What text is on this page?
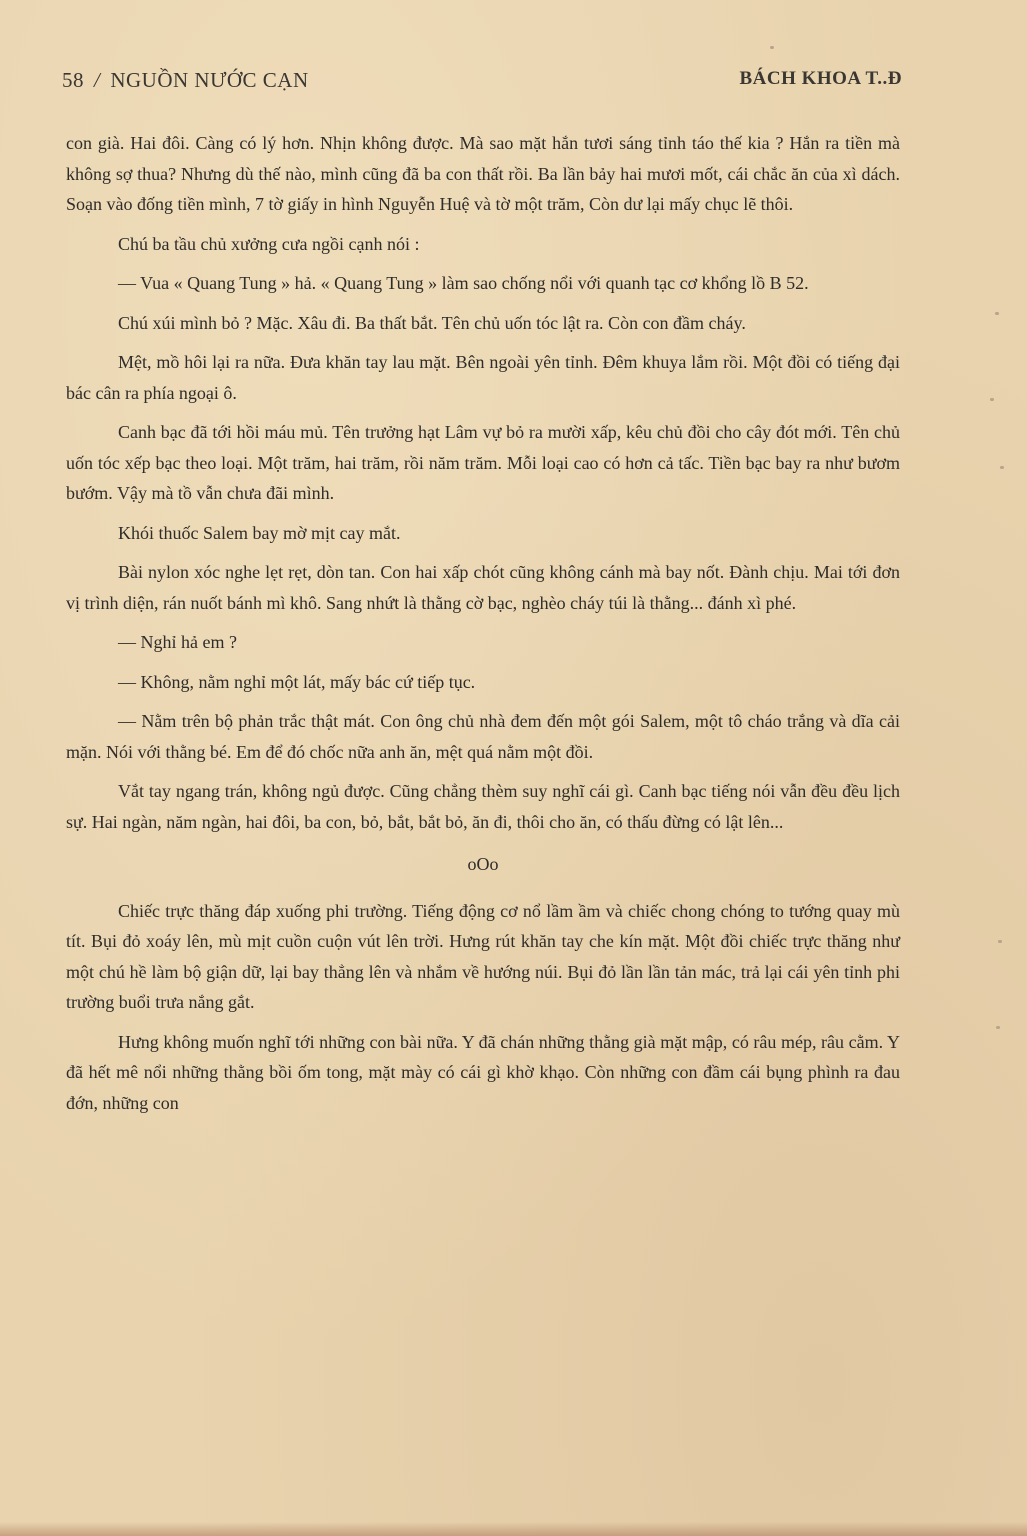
58 / NGUỒN NƯỚC CẠN	BÁCH KHOA T..Đ

con già. Hai đôi. Càng có lý hơn. Nhịn không được. Mà sao mặt hắn tươi sáng tỉnh táo thế kia ? Hắn ra tiền mà không sợ thua? Nhưng dù thế nào, mình cũng đã ba con thất rồi. Ba lần bảy hai mươi mốt, cái chắc ăn của xì dách. Soạn vào đống tiền mình, 7 tờ giấy in hình Nguyễn Huệ và tờ một trăm, Còn dư lại mấy chục lẽ thôi.

Chú ba tầu chủ xưởng cưa ngồi cạnh nói :

— Vua « Quang Tung » hả. « Quang Tung » làm sao chống nổi với quanh tạc cơ khổng lồ B 52.

Chú xúi mình bỏ ? Mặc. Xâu đi. Ba thất bắt. Tên chủ uốn tóc lật ra. Còn con đầm cháy.

Mệt, mồ hôi lại ra nữa. Đưa khăn tay lau mặt. Bên ngoài yên tỉnh. Đêm khuya lắm rồi. Một đồi có tiếng đại bác cân ra phía ngoại ô.

Canh bạc đã tới hồi máu mủ. Tên trưởng hạt Lâm vự bỏ ra mười xấp, kêu chủ đồi cho cây đót mới. Tên chủ uốn tóc xếp bạc theo loại. Một trăm, hai trăm, rồi năm trăm. Mỗi loại cao có hơn cả tấc. Tiền bạc bay ra như bươm bướm. Vậy mà tồ vẫn chưa đãi mình.

Khói thuốc Salem bay mờ mịt cay mắt.

Bài nylon xóc nghe lẹt rẹt, dòn tan. Con hai xấp chót cũng không cánh mà bay nốt. Đành chịu. Mai tới đơn vị trình diện, rán nuốt bánh mì khô. Sang nhứt là thằng cờ bạc, nghèo cháy túi là thằng... đánh xì phé.

— Nghỉ hả em ?

— Không, nằm nghỉ một lát, mấy bác cứ tiếp tục.

— Nằm trên bộ phản trắc thật mát. Con ông chủ nhà đem đến một gói Salem, một tô cháo trắng và dĩa cải mặn. Nói với thằng bé. Em để đó chốc nữa anh ăn, mệt quá nằm một đồi.

Vắt tay ngang trán, không ngủ được. Cũng chẳng thèm suy nghĩ cái gì. Canh bạc tiếng nói vẫn đều đều lịch sự. Hai ngàn, năm ngàn, hai đôi, ba con, bỏ, bắt, bắt bỏ, ăn đi, thôi cho ăn, có thấu đừng có lật lên...

oOo

Chiếc trực thăng đáp xuống phi trường. Tiếng động cơ nổ lầm ầm và chiếc chong chóng to tướng quay mù tít. Bụi đỏ xoáy lên, mù mịt cuồn cuộn vút lên trời. Hưng rút khăn tay che kín mặt. Một đồi chiếc trực thăng như một chú hề làm bộ giận dữ, lại bay thẳng lên và nhắm về hướng núi. Bụi đỏ lần lần tản mác, trả lại cái yên tỉnh phi trường buổi trưa nắng gắt.

Hưng không muốn nghĩ tới những con bài nữa. Y đã chán những thằng già mặt mập, có râu mép, râu cằm. Y đã hết mê nổi những thằng bồi ốm tong, mặt mày có cái gì khờ khạo. Còn những con đầm cái bụng phình ra đau đớn, những con
